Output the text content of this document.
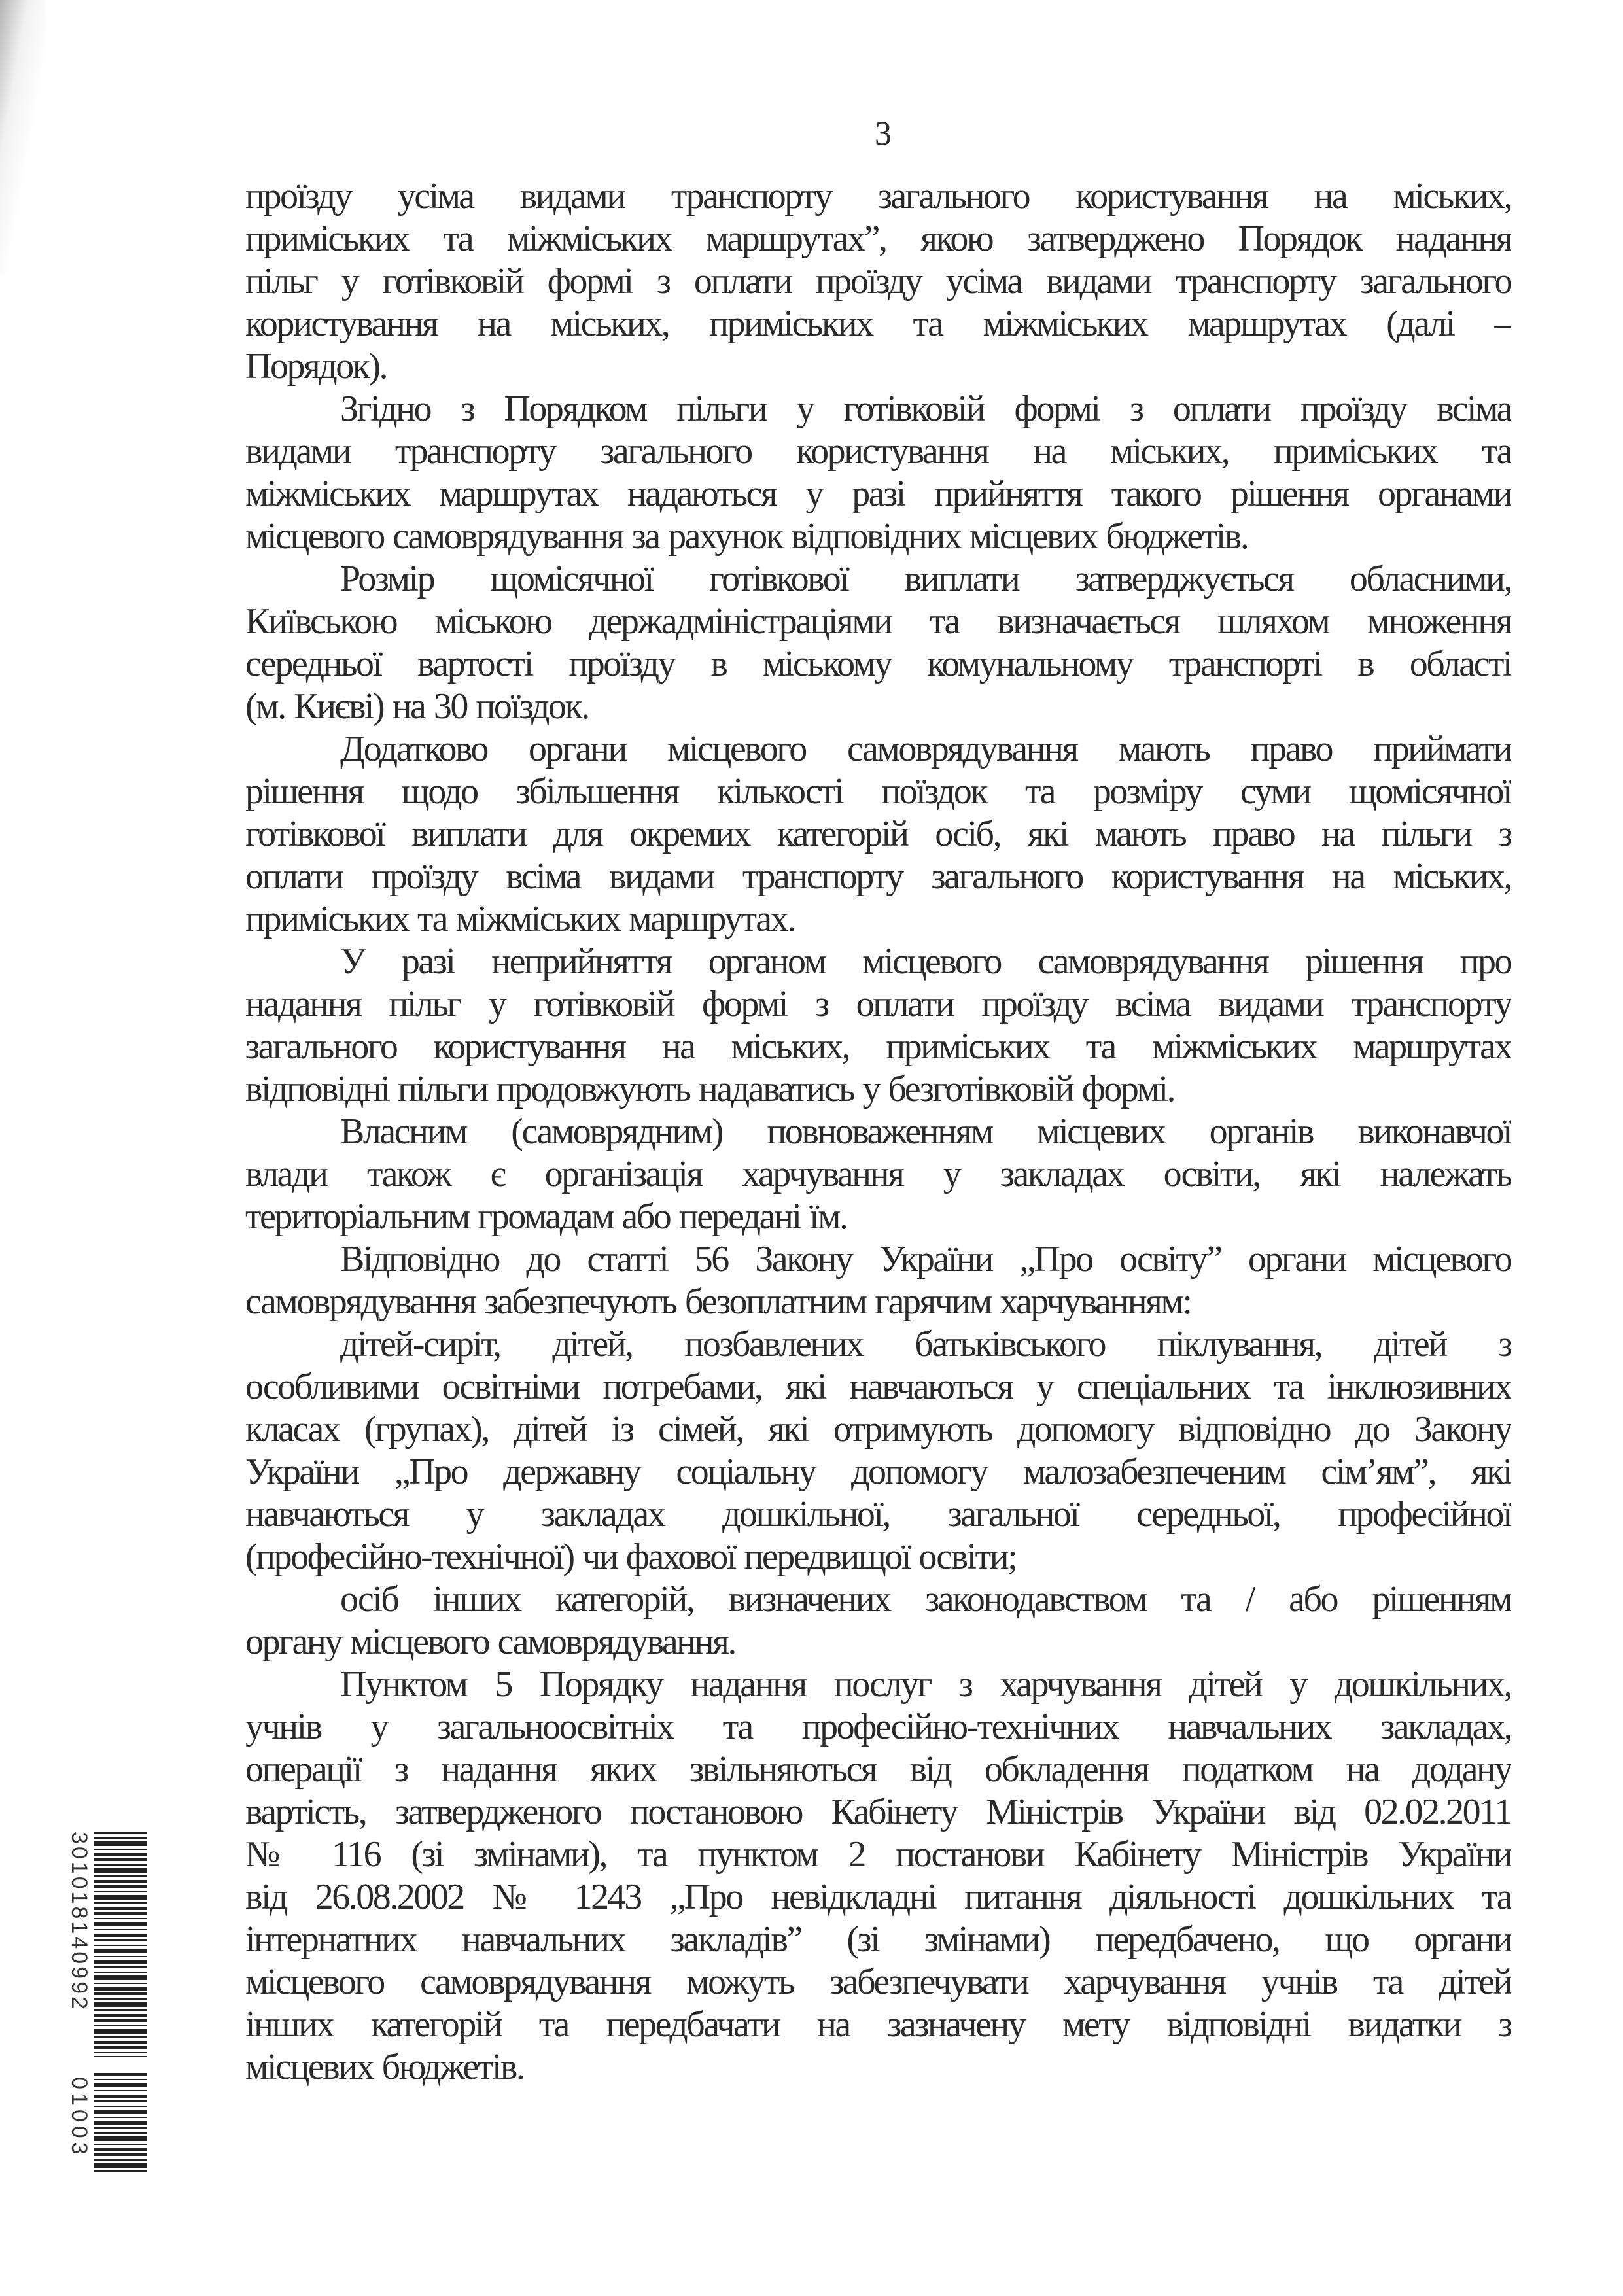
3
проїзду усіма видами транспорту загального користування на міських,
приміських та міжміських маршрутах”, якою затверджено Порядок надання
пільг у готівковій формі з оплати проїзду усіма видами транспорту загального
користування на міських, приміських та міжміських маршрутах (далі –
Порядок).
Згідно з Порядком пільги у готівковій формі з оплати проїзду всіма
видами транспорту загального користування на міських, приміських та
міжміських маршрутах надаються у разі прийняття такого рішення органами
місцевого самоврядування за рахунок відповідних місцевих бюджетів.
Розмір щомісячної готівкової виплати затверджується обласними,
Київською міською держадміністраціями та визначається шляхом множення
середньої вартості проїзду в міському комунальному транспорті в області
(м. Києві) на 30 поїздок.
Додатково органи місцевого самоврядування мають право приймати
рішення щодо збільшення кількості поїздок та розміру суми щомісячної
готівкової виплати для окремих категорій осіб, які мають право на пільги з
оплати проїзду всіма видами транспорту загального користування на міських,
приміських та міжміських маршрутах.
У разі неприйняття органом місцевого самоврядування рішення про
надання пільг у готівковій формі з оплати проїзду всіма видами транспорту
загального користування на міських, приміських та міжміських маршрутах
відповідні пільги продовжують надаватись у безготівковій формі.
Власним (самоврядним) повноваженням місцевих органів виконавчої
влади також є організація харчування у закладах освіти, які належать
територіальним громадам або передані їм.
Відповідно до статті 56 Закону України „Про освіту” органи місцевого
самоврядування забезпечують безоплатним гарячим харчуванням:
дітей-сиріт, дітей, позбавлених батьківського піклування, дітей з
особливими освітніми потребами, які навчаються у спеціальних та інклюзивних
класах (групах), дітей із сімей, які отримують допомогу відповідно до Закону
України „Про державну соціальну допомогу малозабезпеченим сім’ям”, які
навчаються у закладах дошкільної, загальної середньої, професійної
(професійно-технічної) чи фахової передвищої освіти;
осіб інших категорій, визначених законодавством та / або рішенням
органу місцевого самоврядування.
Пунктом 5 Порядку надання послуг з харчування дітей у дошкільних,
учнів у загальноосвітніх та професійно-технічних навчальних закладах,
операції з надання яких звільняються від обкладення податком на додану
вартість, затвердженого постановою Кабінету Міністрів України від 02.02.2011
№ 116 (зі змінами), та пунктом 2 постанови Кабінету Міністрів України
від 26.08.2002 № 1243 „Про невідкладні питання діяльності дошкільних та
інтернатних навчальних закладів” (зі змінами) передбачено, що органи
місцевого самоврядування можуть забезпечувати харчування учнів та дітей
інших категорій та передбачати на зазначену мету відповідні видатки з
місцевих бюджетів.
301018140992
01003
